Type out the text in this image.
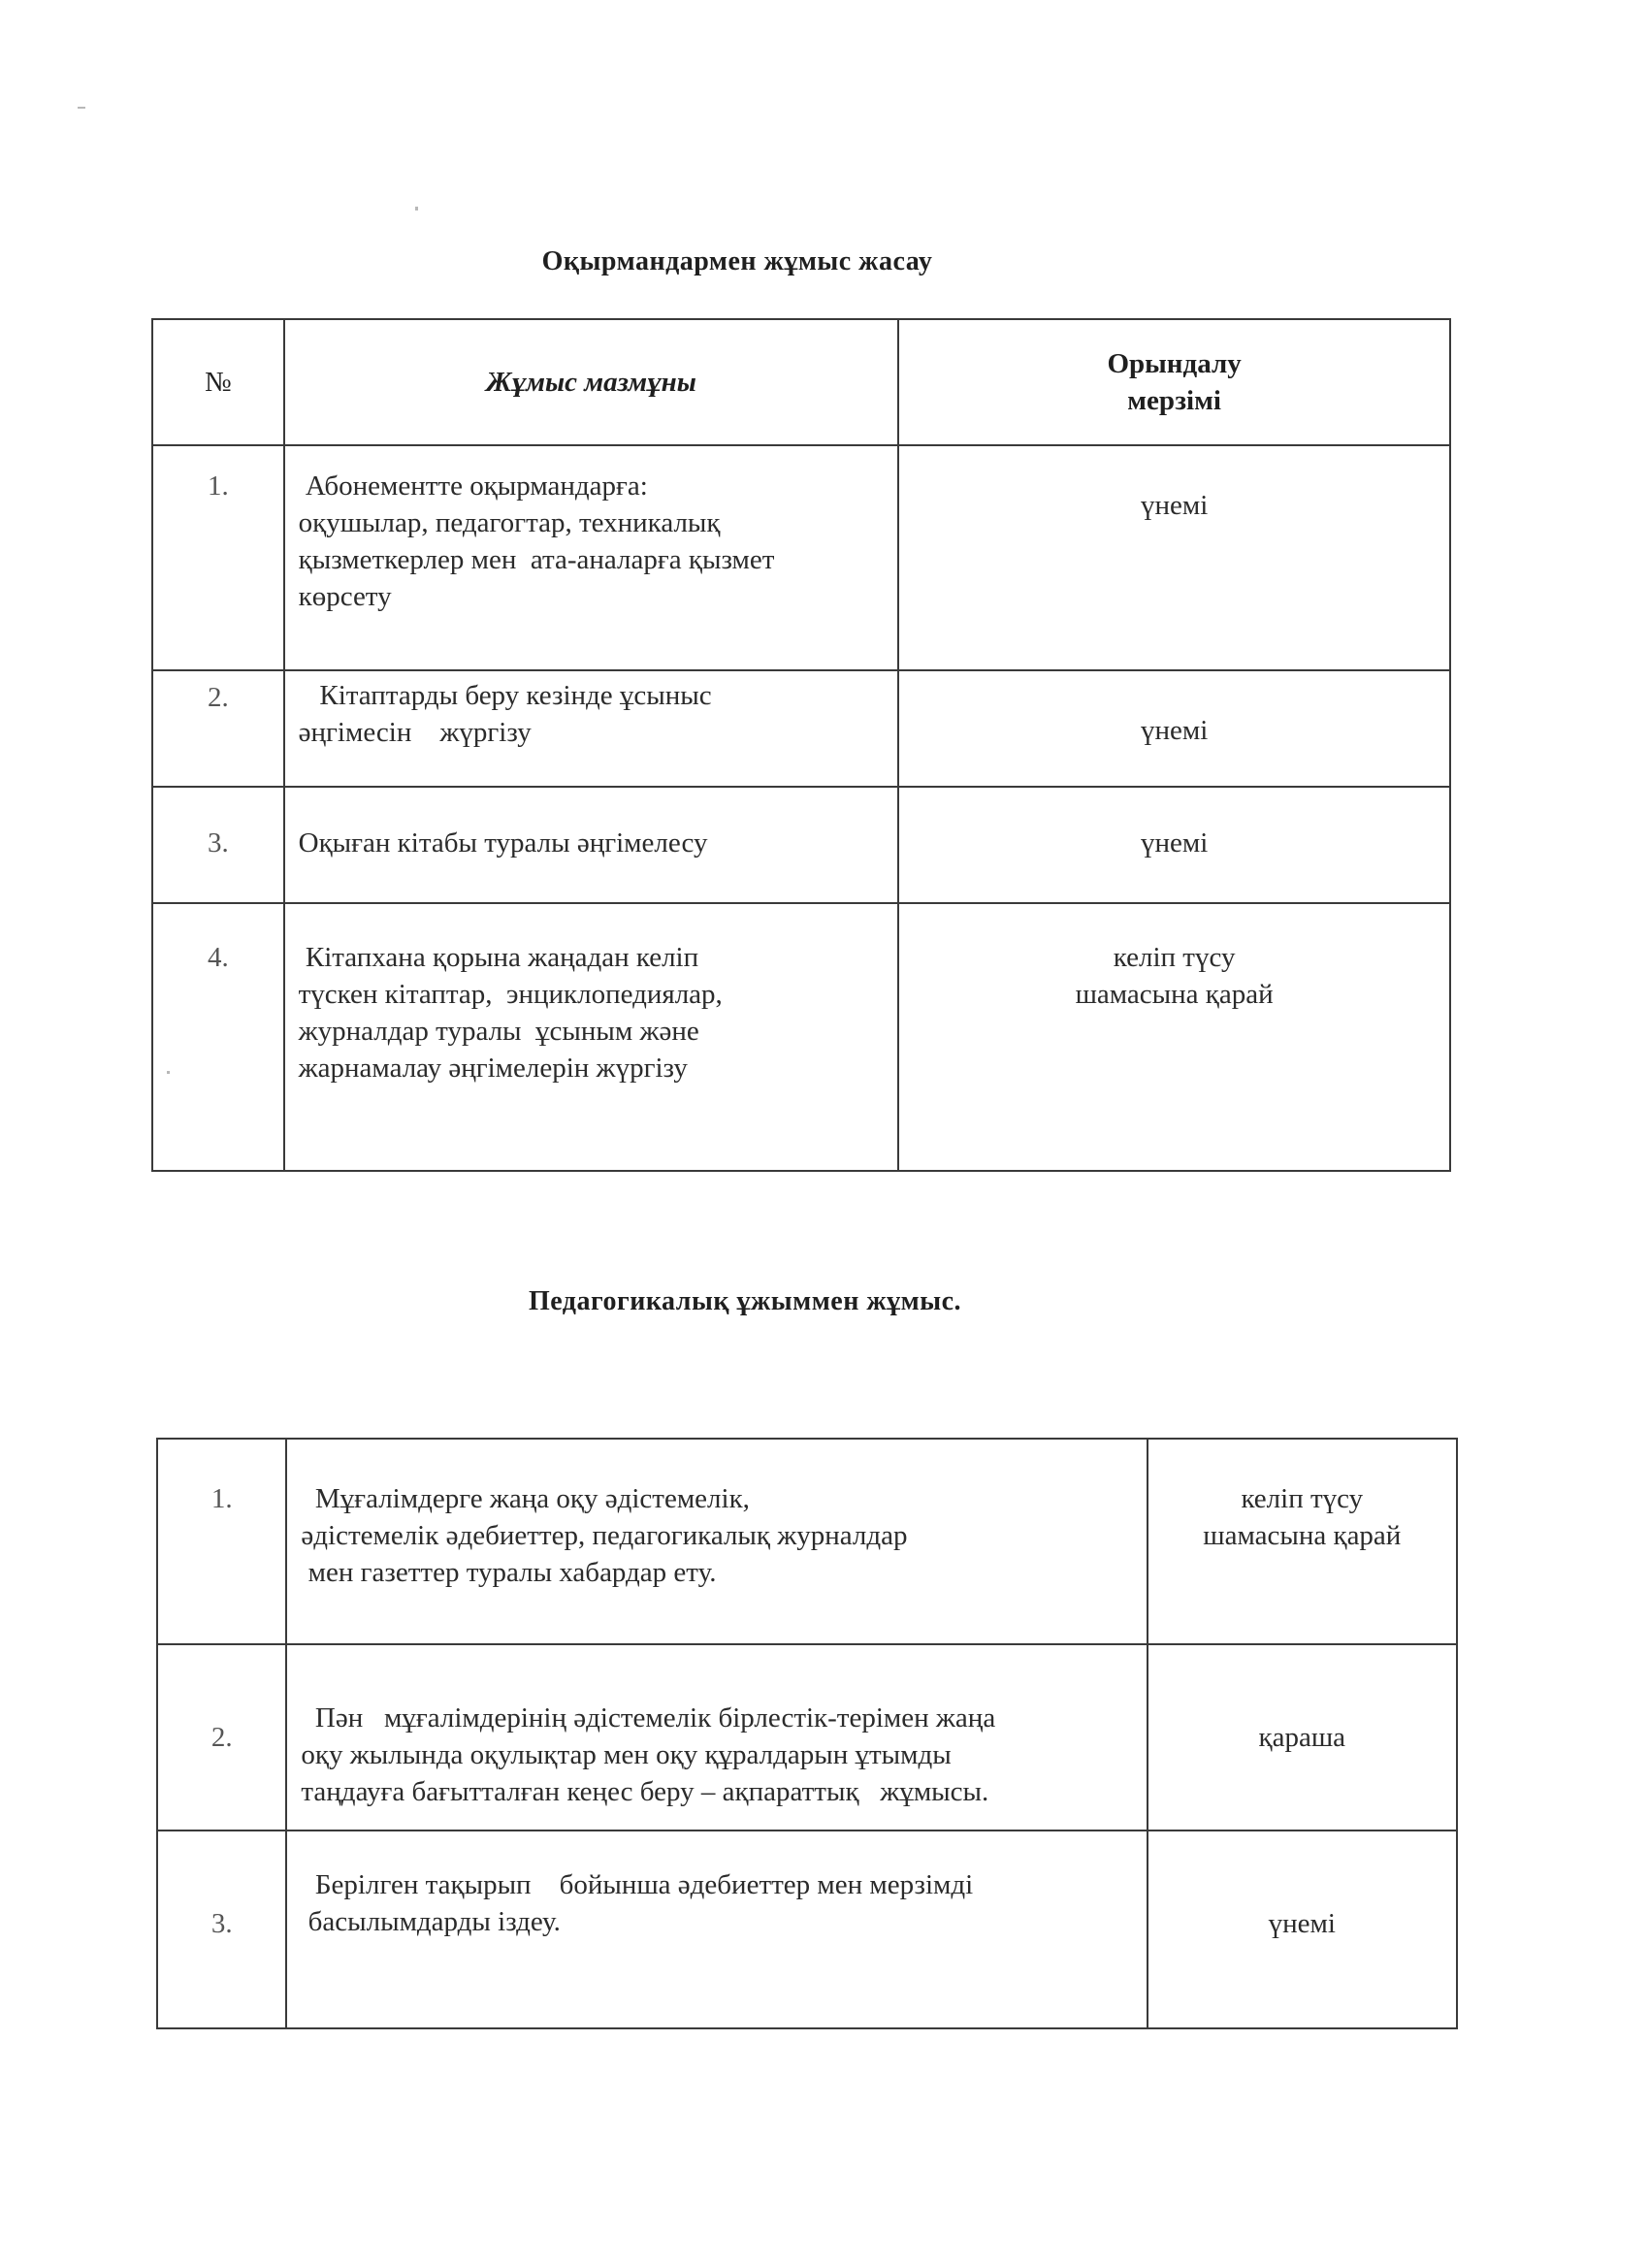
Оқырмандармен жұмыс жасау
№	Жұмыс мазмұны	Орындалу
мерзімі

1.	Абонементте оқырмандарға:
оқушылар, педагогтар, техникалық
қызметкерлер мен  ата-аналарға қызмет
көрсету	үнемі

2.	Кітаптарды беру кезінде ұсыныс
әңгімесін    жүргізу	үнемі

3.	Оқыған кітабы туралы әңгімелесу	үнемі

4.	Кітапхана қорына жаңадан келіп
түскен кітаптар,  энциклопедиялар,
журналдар туралы  ұсыным және
жарнамалау әңгімелерін жүргізу	келіп түсу
шамасына қарай
Педагогикалық ұжыммен жұмыс.
1.	Мұғалімдерге жаңа оқу әдістемелік,
әдістемелік әдебиеттер, педагогикалық журналдар
мен газеттер туралы хабардар ету.	келіп түсу
шамасына қарай

2.	Пән   мұғалімдерінің әдістемелік бірлестік-терімен жаңа
оқу жылында оқулықтар мен оқу құралдарын ұтымды
таңдауға бағытталған кеңес беру – ақпараттық   жұмысы.	қараша

3.	Берілген тақырып    бойынша әдебиеттер мен мерзімді
басылымдарды іздеу.	үнемі
